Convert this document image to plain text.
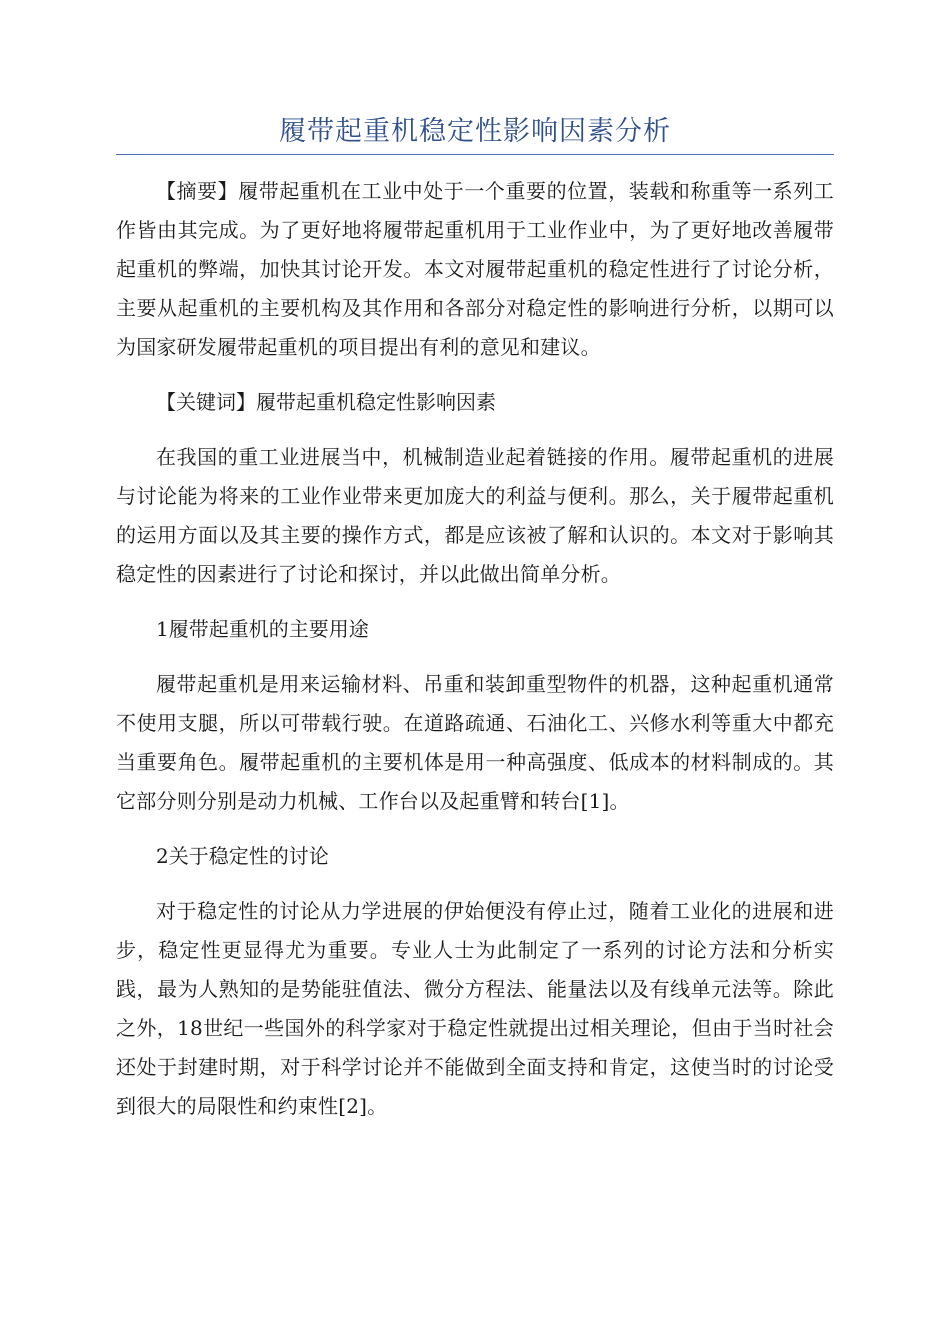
履带起重机稳定性影响因素分析

【摘要】履带起重机在工业中处于一个重要的位置，装载和称重等一系列工作皆由其完成。为了更好地将履带起重机用于工业作业中，为了更好地改善履带起重机的弊端，加快其讨论开发。本文对履带起重机的稳定性进行了讨论分析，主要从起重机的主要机构及其作用和各部分对稳定性的影响进行分析，以期可以为国家研发履带起重机的项目提出有利的意见和建议。

【关键词】履带起重机稳定性影响因素

在我国的重工业进展当中，机械制造业起着链接的作用。履带起重机的进展与讨论能为将来的工业作业带来更加庞大的利益与便利。那么，关于履带起重机的运用方面以及其主要的操作方式，都是应该被了解和认识的。本文对于影响其稳定性的因素进行了讨论和探讨，并以此做出简单分析。

1履带起重机的主要用途

履带起重机是用来运输材料、吊重和装卸重型物件的机器，这种起重机通常不使用支腿，所以可带载行驶。在道路疏通、石油化工、兴修水利等重大中都充当重要角色。履带起重机的主要机体是用一种高强度、低成本的材料制成的。其它部分则分别是动力机械、工作台以及起重臂和转台[1]。

2关于稳定性的讨论

对于稳定性的讨论从力学进展的伊始便没有停止过，随着工业化的进展和进步，稳定性更显得尤为重要。专业人士为此制定了一系列的讨论方法和分析实践，最为人熟知的是势能驻值法、微分方程法、能量法以及有线单元法等。除此之外，18世纪一些国外的科学家对于稳定性就提出过相关理论，但由于当时社会还处于封建时期，对于科学讨论并不能做到全面支持和肯定，这使当时的讨论受到很大的局限性和约束性[2]。
